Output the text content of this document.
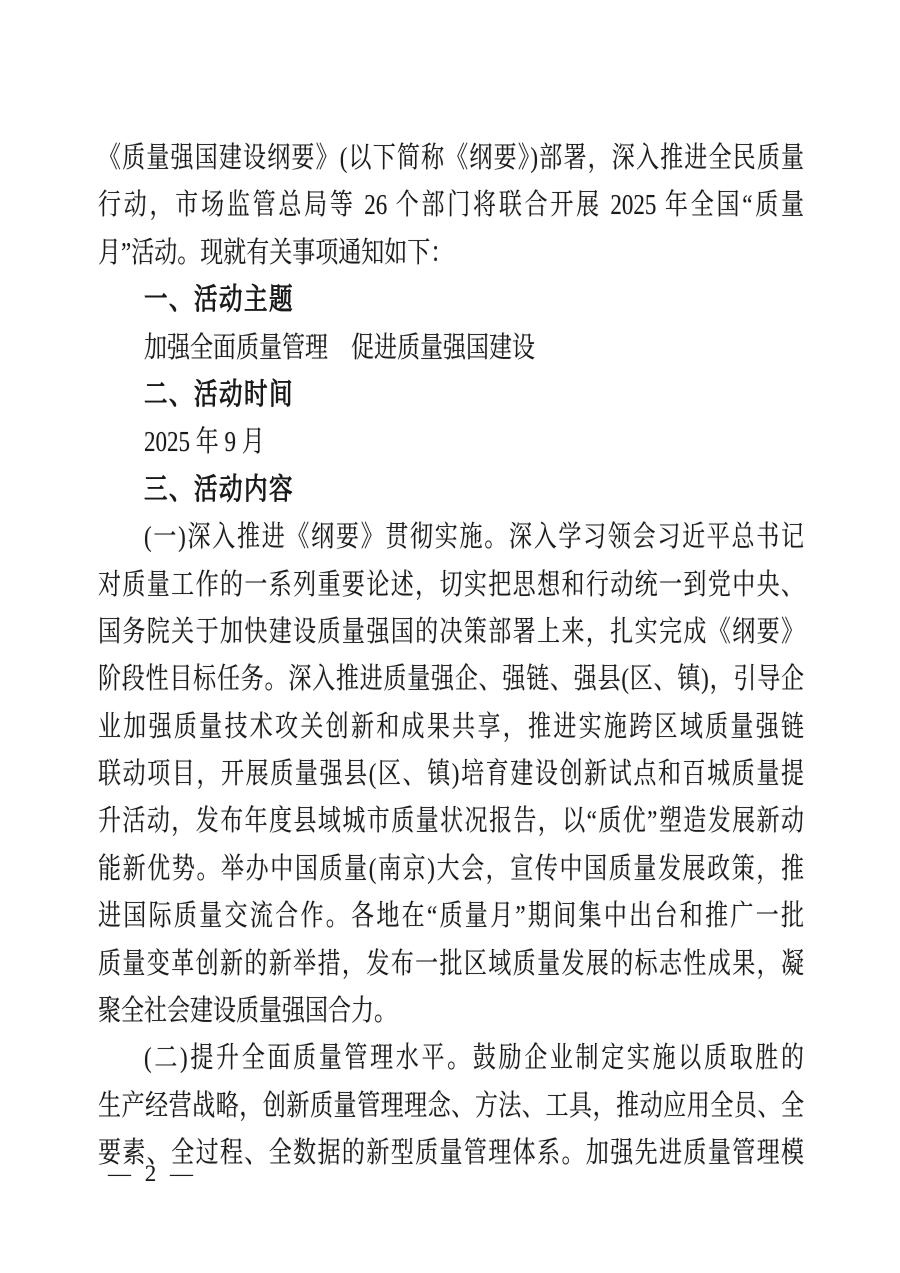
《质量强国建设纲要》(以下简称《纲要》)部署，深入推进全民质量

行动，市场监管总局等 26 个部门将联合开展 2025 年全国“质量

月”活动。现就有关事项通知如下：

一、活动主题

加强全面质量管理　促进质量强国建设

二、活动时间

2025 年 9 月

三、活动内容

(一)深入推进《纲要》贯彻实施。深入学习领会习近平总书记

对质量工作的一系列重要论述，切实把思想和行动统一到党中央、

国务院关于加快建设质量强国的决策部署上来，扎实完成《纲要》

阶段性目标任务。深入推进质量强企、强链、强县(区、镇)，引导企

业加强质量技术攻关创新和成果共享，推进实施跨区域质量强链

联动项目，开展质量强县(区、镇)培育建设创新试点和百城质量提

升活动，发布年度县域城市质量状况报告，以“质优”塑造发展新动

能新优势。举办中国质量(南京)大会，宣传中国质量发展政策，推

进国际质量交流合作。各地在“质量月”期间集中出台和推广一批

质量变革创新的新举措，发布一批区域质量发展的标志性成果，凝

聚全社会建设质量强国合力。

(二)提升全面质量管理水平。鼓励企业制定实施以质取胜的

生产经营战略，创新质量管理理念、方法、工具，推动应用全员、全

要素、全过程、全数据的新型质量管理体系。加强先进质量管理模

— 2 —
